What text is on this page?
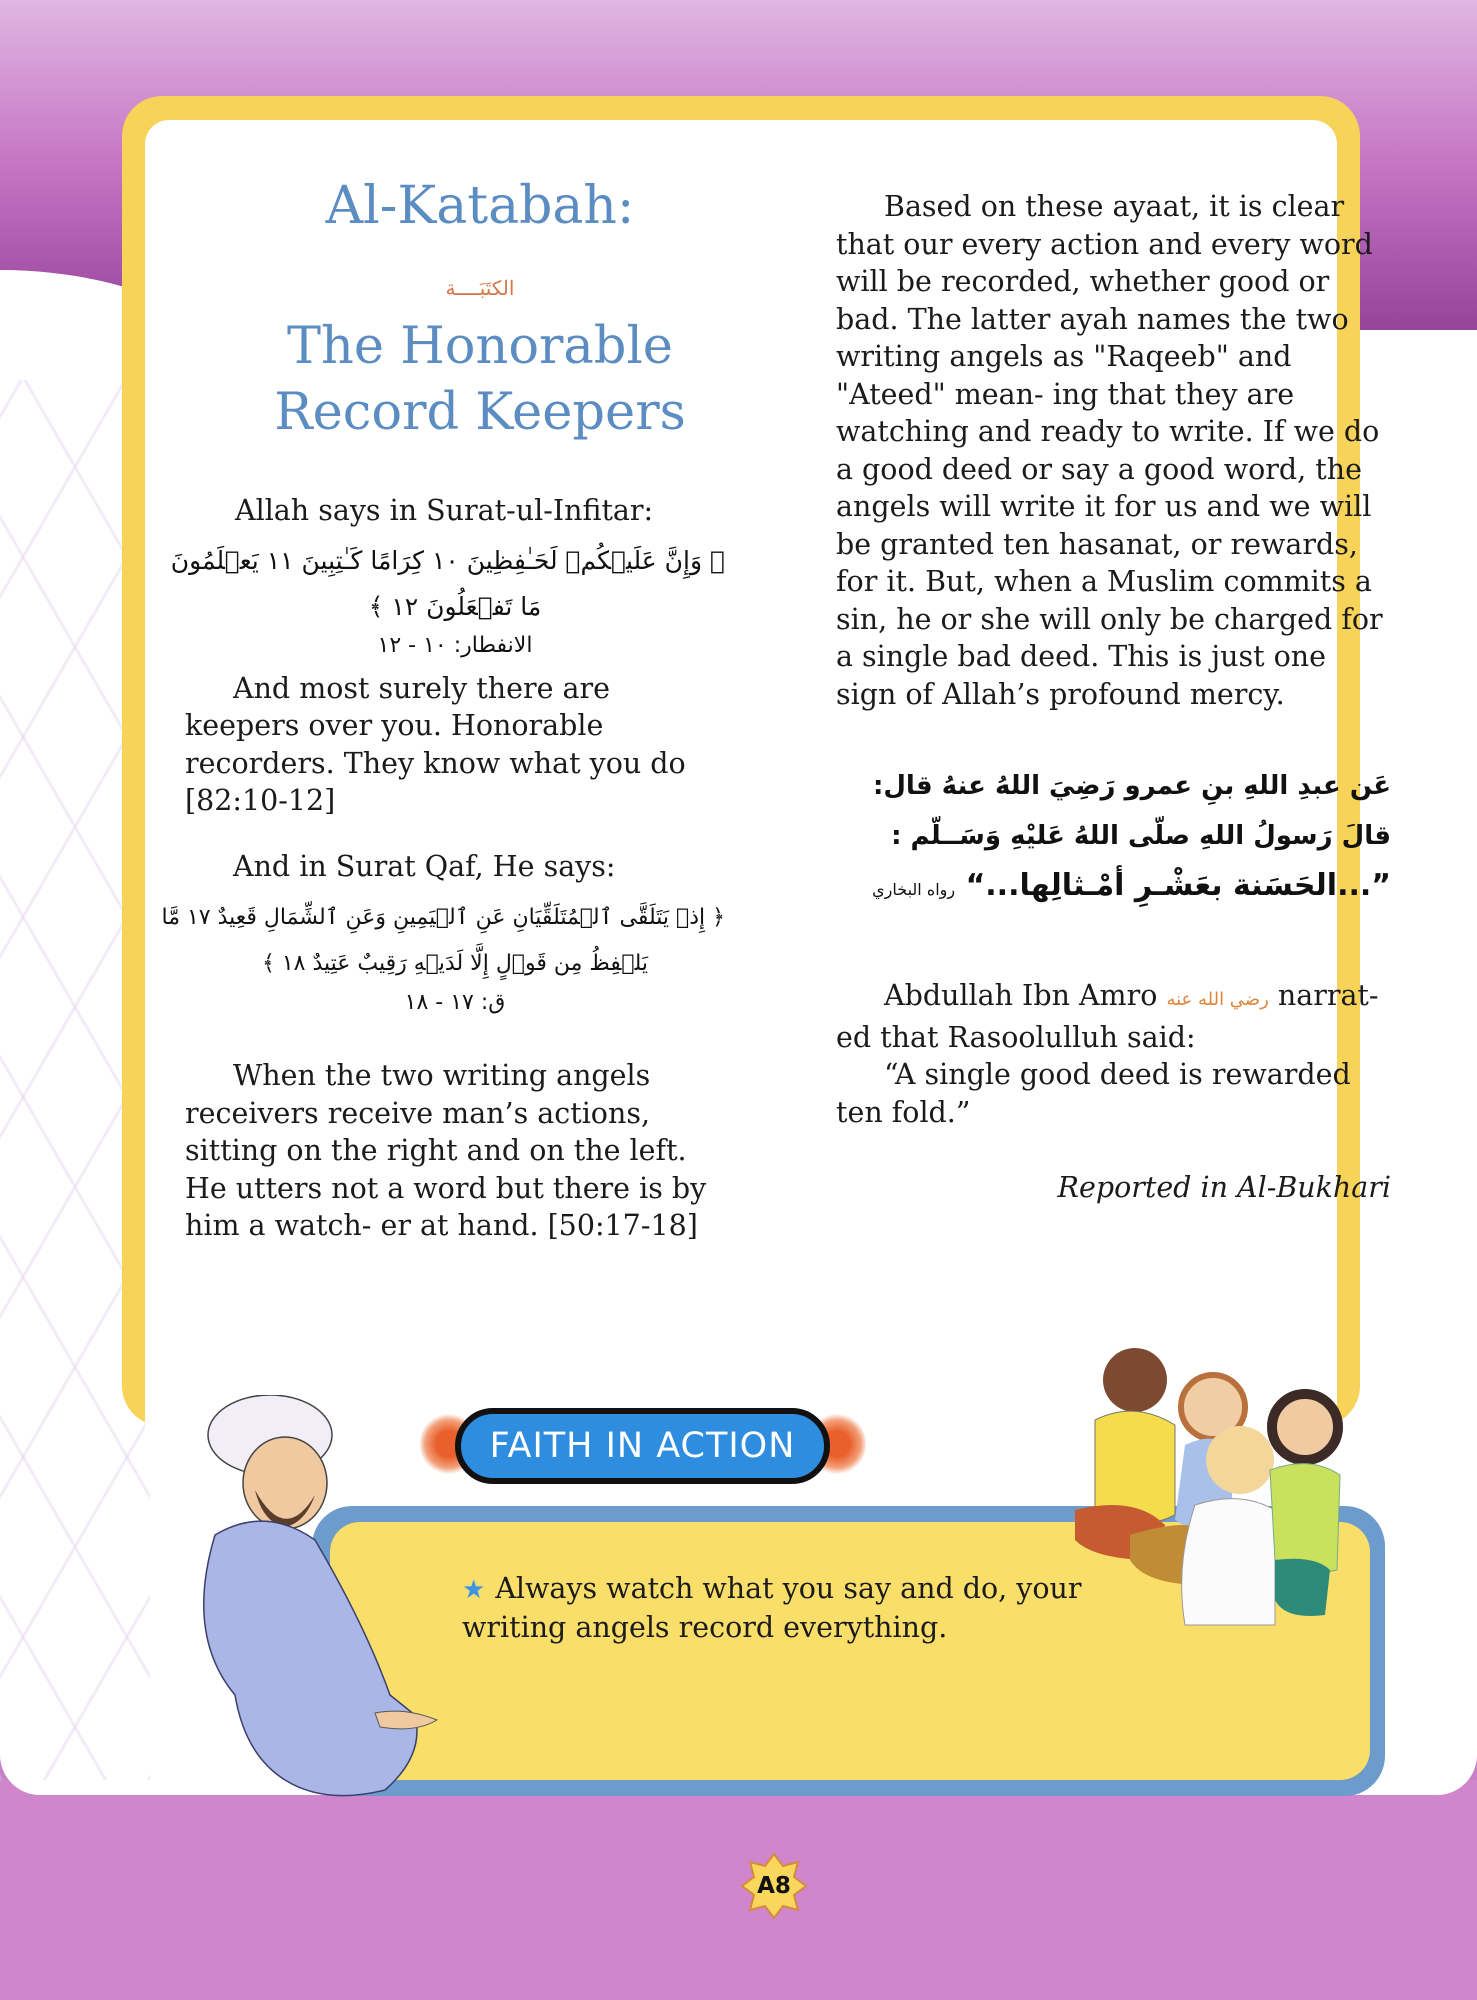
Al-Katabah:
الكتَبَــــة
The Honorable
Record Keepers

Allah says in Surat-ul-Infitar:

﴿ وَإِنَّ عَلَيۡكُمۡ لَحَـٰفِظِينَ ١٠ كِرَامًا كَـٰتِبِينَ ١١ يَعۡلَمُونَ
مَا تَفۡعَلُونَ ١٢ ﴾
الانفطار: ١٠ - ١٢

And most surely there are keepers over you. Honorable recorders. They know what you do [82:10-12]

And in Surat Qaf, He says:

﴿ إِذۡ يَتَلَقَّى ٱلۡمُتَلَقِّيَانِ عَنِ ٱلۡيَمِينِ وَعَنِ ٱلشِّمَالِ قَعِيدٌ ١٧ مَّا
يَلۡفِظُ مِن قَوۡلٍ إِلَّا لَدَيۡهِ رَقِيبٌ عَتِيدٌ ١٨ ﴾
ق: ١٧ - ١٨

When the two writing angels receivers receive man’s actions, sitting on the right and on the left. He utters not a word but there is by him a watch- er at hand. [50:17-18]

Based on these ayaat, it is clear that our every action and every word will be recorded, whether good or bad. The latter ayah names the two writing angels as "Raqeeb" and "Ateed" mean- ing that they are watching and ready to write. If we do a good deed or say a good word, the angels will write it for us and we will be granted ten hasanat, or rewards, for it. But, when a Muslim commits a sin, he or she will only be charged for a single bad deed. This is just one sign of Allah’s profound mercy.

عَن عبدِ اللهِ بنِ عمرو رَضِيَ اللهُ عنهُ قال:
قالَ رَسولُ اللهِ صلّى اللهُ عَليْهِ وَسَــلّم :
”...الحَسَنة بعَشْـرِ أمْـثالِها...“ رواه البخاري

Abdullah Ibn Amro رضي الله عنه narrat- ed that Rasoolulluh said:

“A single good deed is rewarded ten fold.”

Reported in Al-Bukhari

FAITH IN ACTION
★ Always watch what you say and do, your writing angels record everything.
A8
